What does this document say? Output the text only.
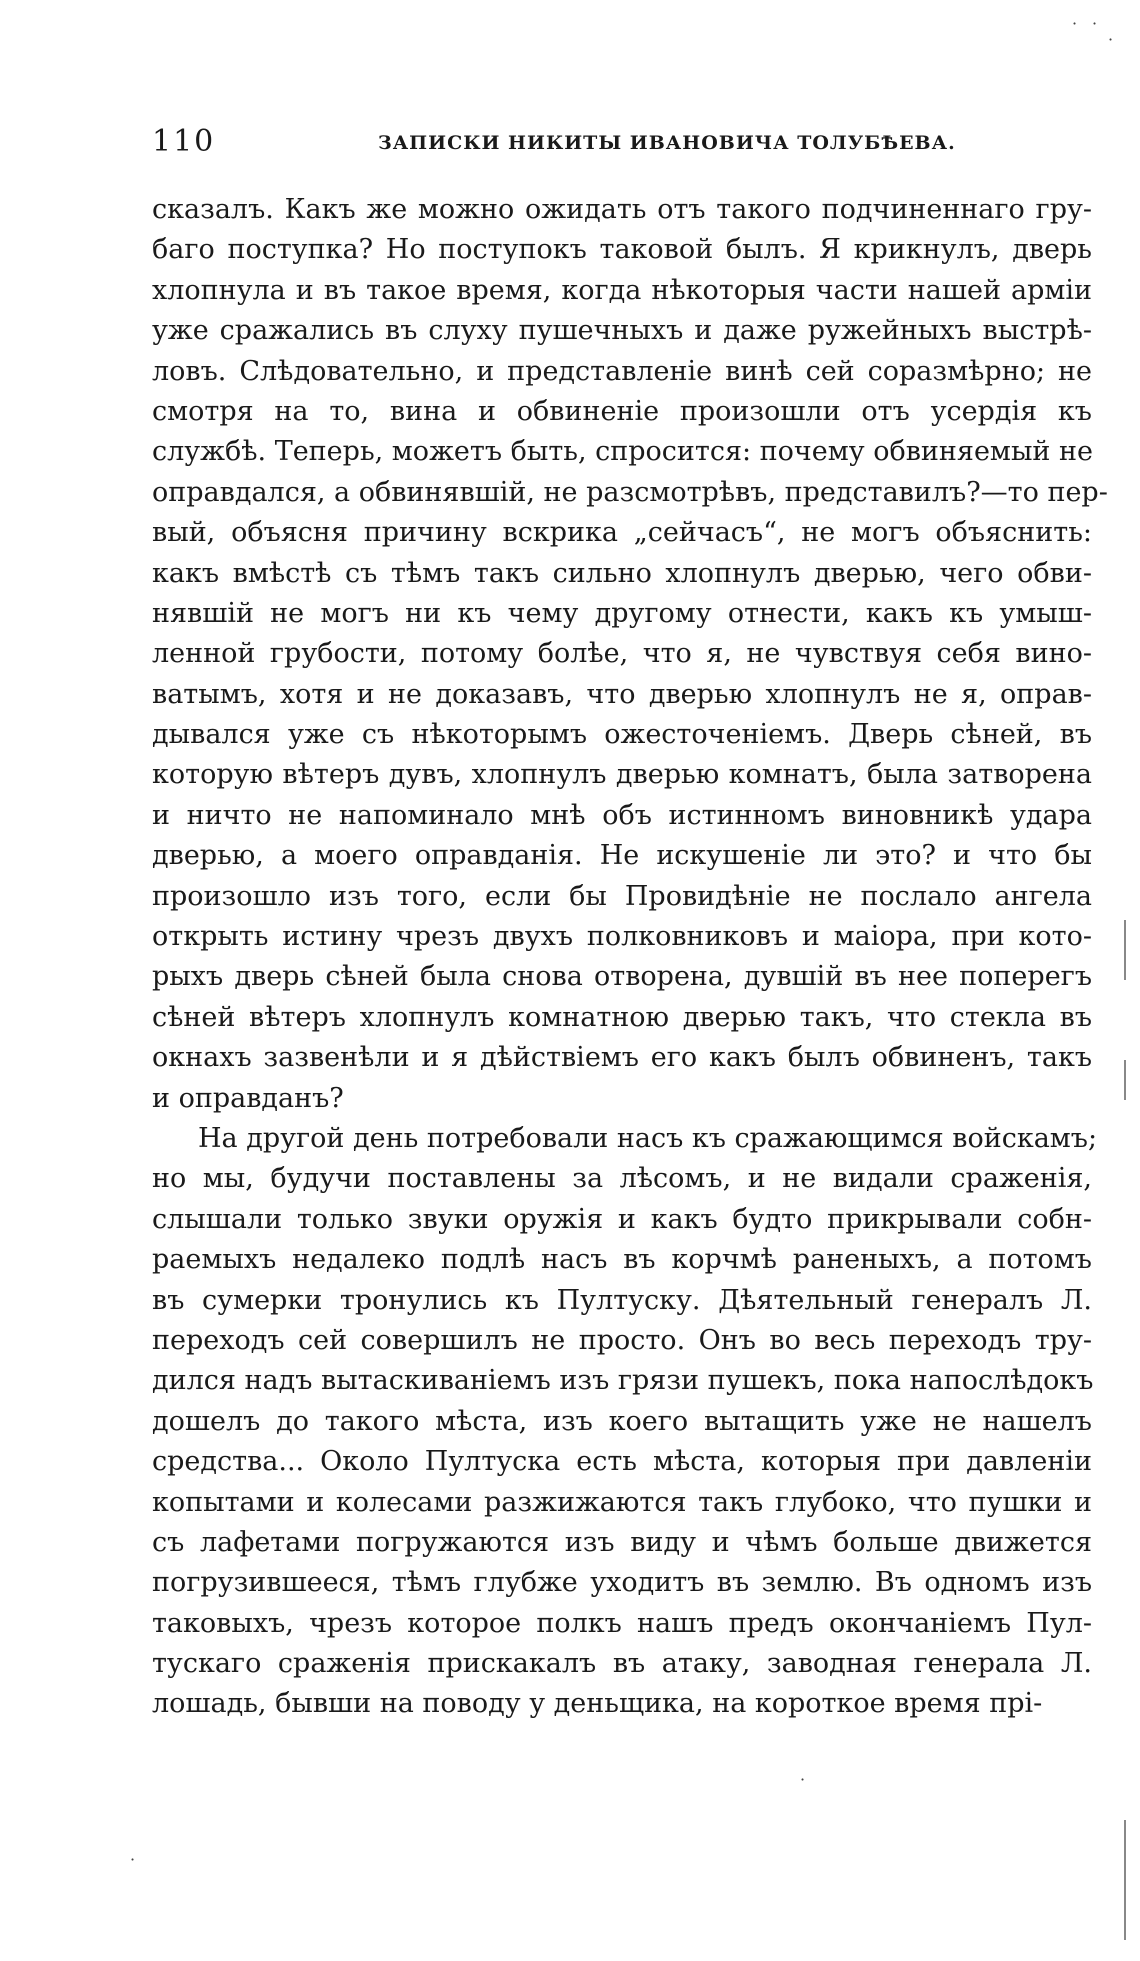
110	ЗАПИСКИ НИКИТЫ ИВАНОВИЧА ТОЛУБѢЕВА.
сказалъ. Какъ же можно ожидать отъ такого подчиненнаго гру-
баго поступка? Но поступокъ таковой былъ. Я крикнулъ, дверь
хлопнула и въ такое время, когда нѣкоторыя части нашей арміи
уже сражались въ слуху пушечныхъ и даже ружейныхъ выстрѣ-
ловъ. Слѣдовательно, и представленіе винѣ сей соразмѣрно; не
смотря на то, вина и обвиненіе произошли отъ усердія къ
службѣ. Теперь, можетъ быть, спросится: почему обвиняемый не
оправдался, а обвинявшій, не разсмотрѣвъ, представилъ?—то пер-
вый, объясня причину вскрика „сейчасъ“, не могъ объяснить:
какъ вмѣстѣ съ тѣмъ такъ сильно хлопнулъ дверью, чего обви-
нявшій не могъ ни къ чему другому отнести, какъ къ умыш-
ленной грубости, потому болѣе, что я, не чувствуя себя вино-
ватымъ, хотя и не доказавъ, что дверью хлопнулъ не я, оправ-
дывался уже съ нѣкоторымъ ожесточеніемъ. Дверь сѣней, въ
которую вѣтеръ дувъ, хлопнулъ дверью комнатъ, была затворена
и ничто не напоминало мнѣ объ истинномъ виновникѣ удара
дверью, а моего оправданія. Не искушеніе ли это? и что бы
произошло изъ того, если бы Провидѣніе не послало ангела
открыть истину чрезъ двухъ полковниковъ и маіора, при кото-
рыхъ дверь сѣней была снова отворена, дувшій въ нее поперегъ
сѣней вѣтеръ хлопнулъ комнатною дверью такъ, что стекла въ
окнахъ зазвенѣли и я дѣйствіемъ его какъ былъ обвиненъ, такъ
и оправданъ?
На другой день потребовали насъ къ сражающимся войскамъ;
но мы, будучи поставлены за лѣсомъ, и не видали сраженія,
слышали только звуки оружія и какъ будто прикрывали собн-
раемыхъ недалеко подлѣ насъ въ корчмѣ раненыхъ, а потомъ
въ сумерки тронулись къ Пултуску. Дѣятельный генералъ Л.
переходъ сей совершилъ не просто. Онъ во весь переходъ тру-
дился надъ вытаскиваніемъ изъ грязи пушекъ, пока напослѣдокъ
дошелъ до такого мѣста, изъ коего вытащить уже не нашелъ
средства... Около Пултуска есть мѣста, которыя при давленіи
копытами и колесами разжижаются такъ глубоко, что пушки и
съ лафетами погружаются изъ виду и чѣмъ больше движется
погрузившееся, тѣмъ глубже уходитъ въ землю. Въ одномъ изъ
таковыхъ, чрезъ которое полкъ нашъ предъ окончаніемъ Пул-
тускаго сраженія прискакалъ въ атаку, заводная генерала Л.
лошадь, бывши на поводу у деньщика, на короткое время прі-
· ·
·
·
·
